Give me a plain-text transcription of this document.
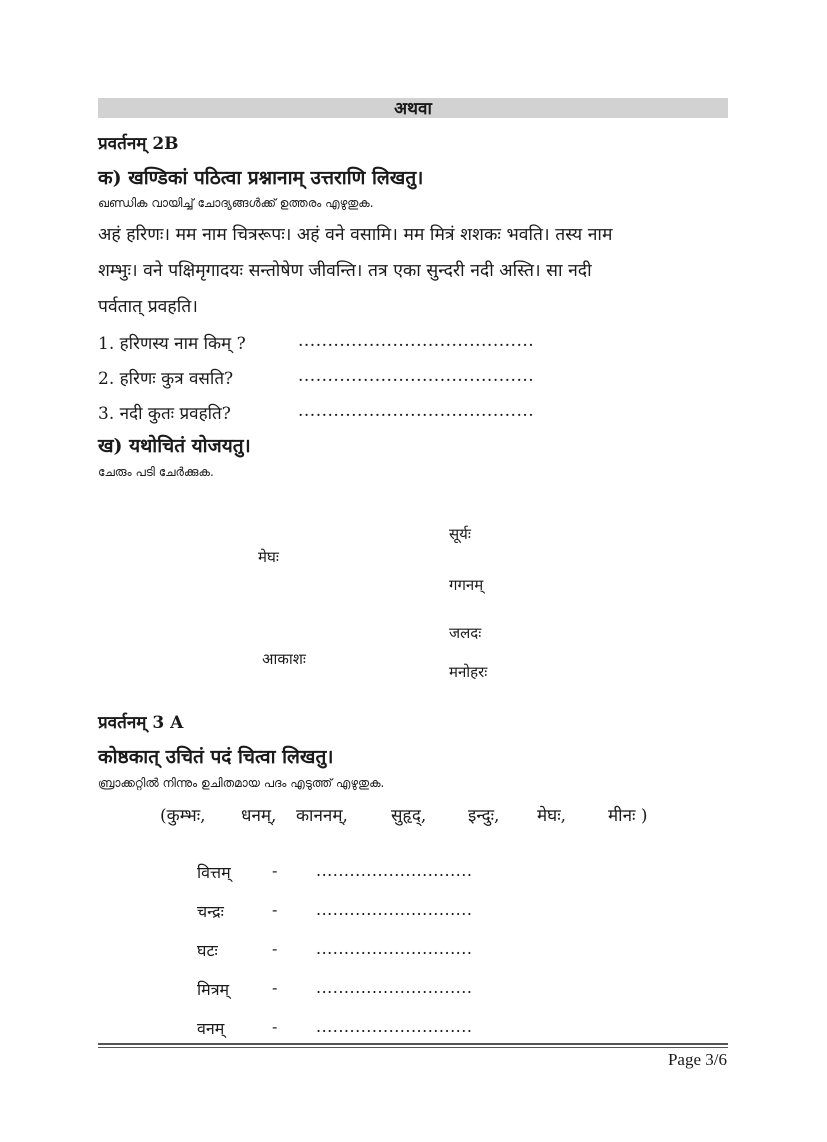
अथवा
प्रवर्तनम् 2B
क) खण्डिकां पठित्वा प्रश्नानाम् उत्तराणि लिखतु।
ഖണ്ഡിക വായിച്ച് ചോദ്യങ്ങൾക്ക് ഉത്തരം എഴുതുക.
अहं हरिणः। मम नाम चित्ररूपः। अहं वने वसामि। मम मित्रं शशकः भवति। तस्य नाम
शम्भुः। वने पक्षिमृगादयः सन्तोषेण जीवन्ति। तत्र एका सुन्दरी नदी अस्ति। सा नदी
पर्वतात् प्रवहति।
1. हरिणस्य नाम किम् ?	........................................
2. हरिणः कुत्र वसति?	........................................
3. नदी कुतः प्रवहति?	........................................
ख) यथोचितं योजयतु।
ചേരും പടി ചേർക്കുക.
मेघः
आकाशः
सूर्यः
गगनम्
जलदः
मनोहरः
प्रवर्तनम् 3 A
कोष्ठकात् उचितं पदं चित्वा लिखतु।
ബ്രാക്കറ്റിൽ നിന്നും ഉചിതമായ പദം എടുത്ത് എഴുതുക.
(कुम्भः, धनम्, काननम्,	सुहृद्, इन्दुः, मेघः, मीनः )
वित्तम्	- ............................
चन्द्रः	- ............................
घटः	- ............................
मित्रम्	- ............................
वनम्	- ............................
Page 3/6
